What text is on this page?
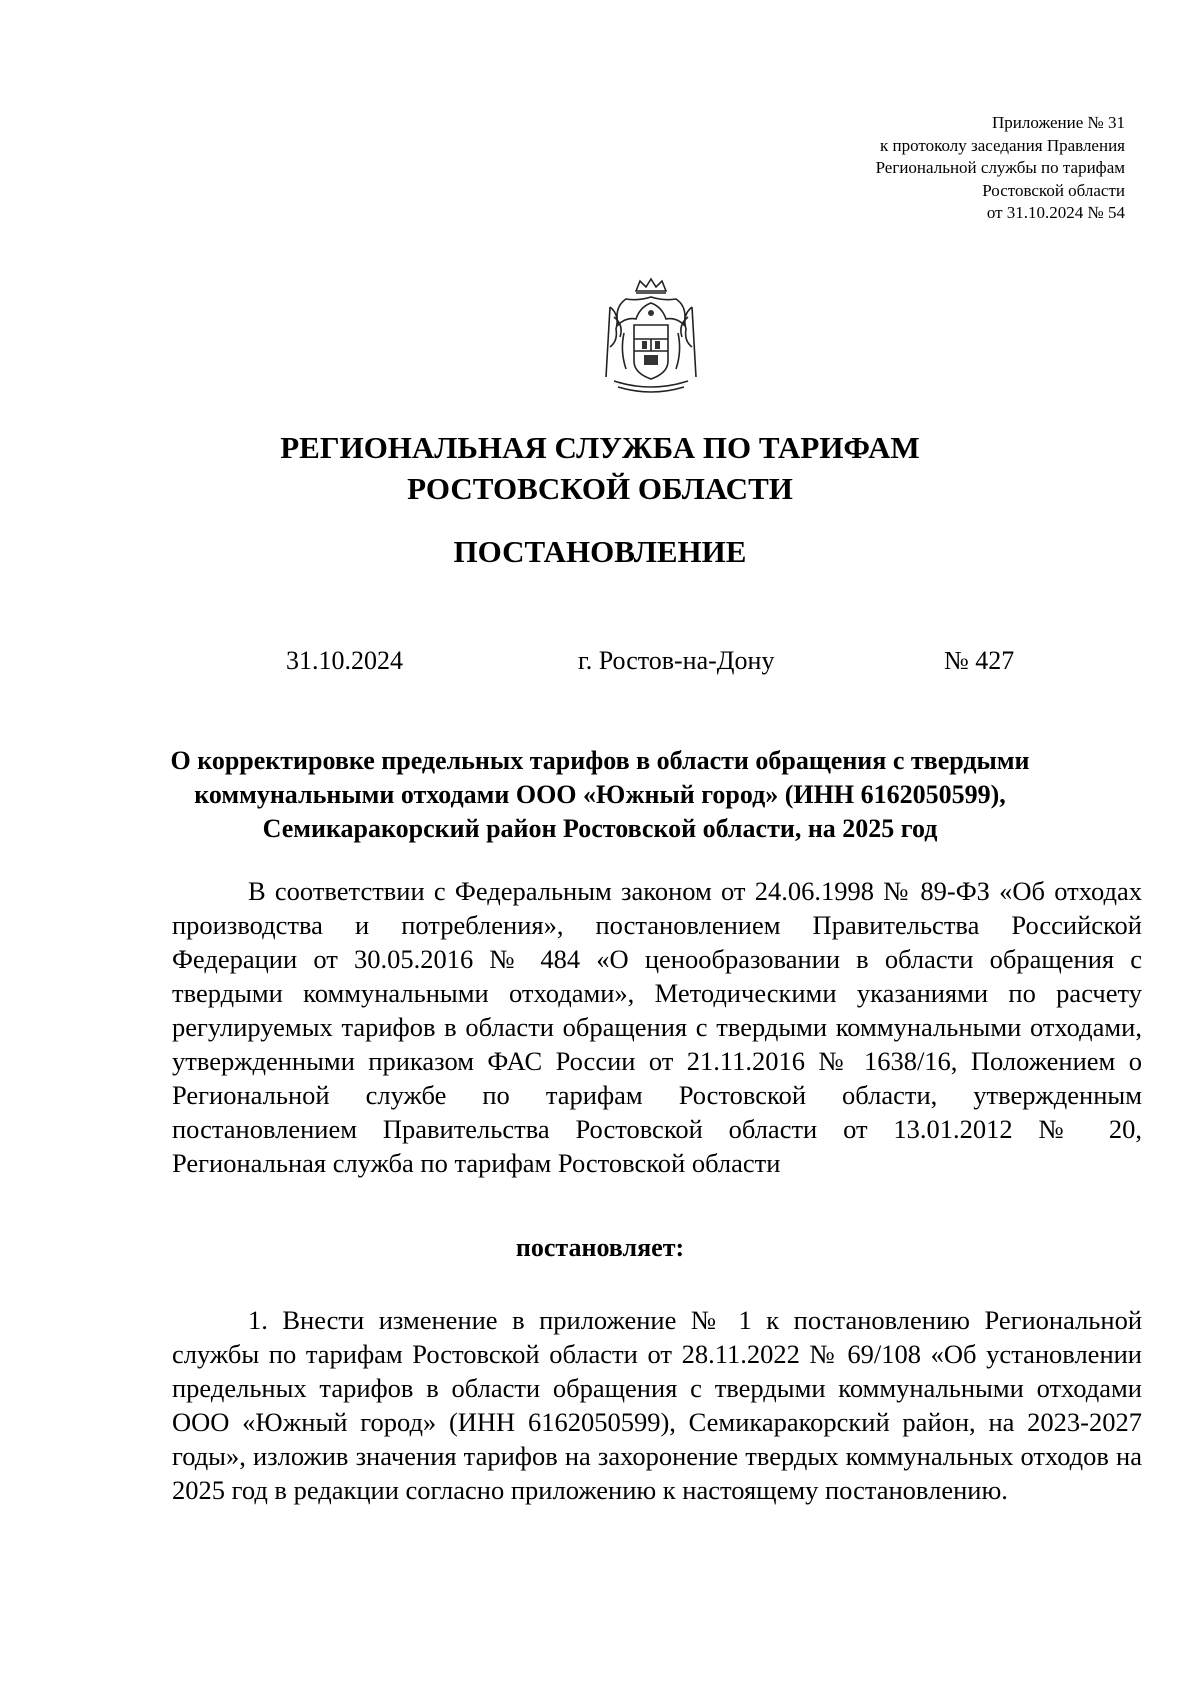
Приложение № 31
к протоколу заседания Правления
Региональной службы по тарифам
Ростовской области
от 31.10.2024 № 54
РЕГИОНАЛЬНАЯ СЛУЖБА ПО ТАРИФАМ
РОСТОВСКОЙ ОБЛАСТИ
ПОСТАНОВЛЕНИЕ
31.10.2024	г. Ростов-на-Дону	№ 427
О корректировке предельных тарифов в области обращения с твердыми
коммунальными отходами ООО «Южный город» (ИНН 6162050599),
Семикаракорский район Ростовской области, на 2025 год
В соответствии с Федеральным законом от 24.06.1998 № 89-ФЗ «Об отходах производства и потребления», постановлением Правительства Российской Федерации от 30.05.2016 № 484 «О ценообразовании в области обращения с твердыми коммунальными отходами», Методическими указаниями по расчету регулируемых тарифов в области обращения с твердыми коммунальными отходами, утвержденными приказом ФАС России от 21.11.2016 № 1638/16, Положением о Региональной службе по тарифам Ростовской области, утвержденным постановлением Правительства Ростовской области от 13.01.2012 № 20, Региональная служба по тарифам Ростовской области
постановляет:
1. Внести изменение в приложение № 1 к постановлению Региональной службы по тарифам Ростовской области от 28.11.2022 № 69/108 «Об установлении предельных тарифов в области обращения с твердыми коммунальными отходами ООО «Южный город» (ИНН 6162050599), Семикаракорский район, на 2023-2027 годы», изложив значения тарифов на захоронение твердых коммунальных отходов на 2025 год в редакции согласно приложению к настоящему постановлению.
